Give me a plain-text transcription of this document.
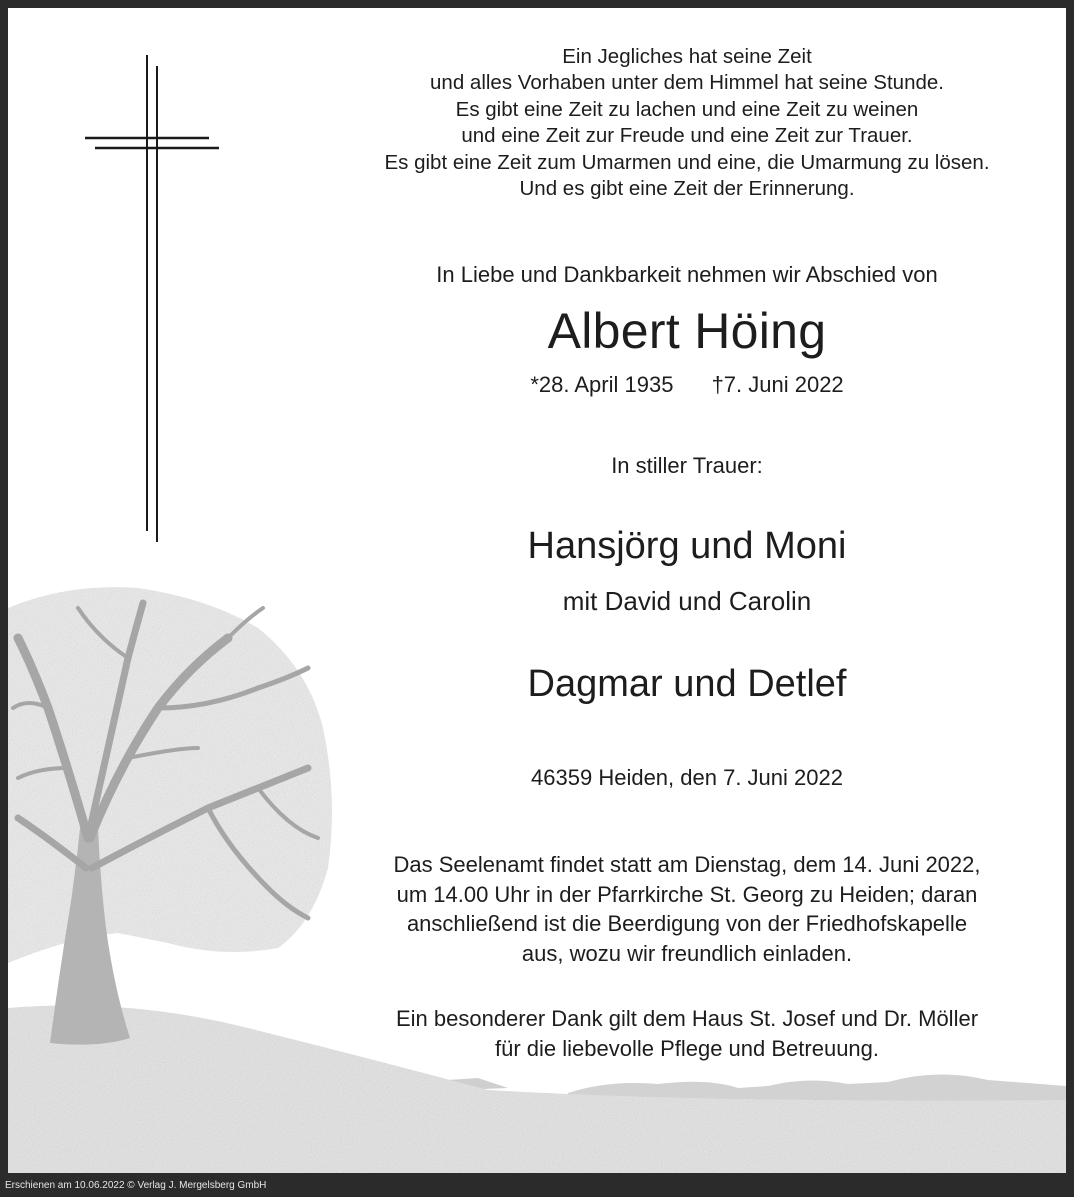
Ein Jegliches hat seine Zeit
und alles Vorhaben unter dem Himmel hat seine Stunde.
Es gibt eine Zeit zu lachen und eine Zeit zu weinen
und eine Zeit zur Freude und eine Zeit zur Trauer.
Es gibt eine Zeit zum Umarmen und eine, die Umarmung zu lösen.
Und es gibt eine Zeit der Erinnerung.
In Liebe und Dankbarkeit nehmen wir Abschied von
Albert Höing
*28. April 1935 †7. Juni 2022
In stiller Trauer:
Hansjörg und Moni
mit David und Carolin
Dagmar und Detlef
46359 Heiden, den 7. Juni 2022
Das Seelenamt findet statt am Dienstag, dem 14. Juni 2022,
um 14.00 Uhr in der Pfarrkirche St. Georg zu Heiden; daran
anschließend ist die Beerdigung von der Friedhofskapelle
aus, wozu wir freundlich einladen.
Ein besonderer Dank gilt dem Haus St. Josef und Dr. Möller
für die liebevolle Pflege und Betreuung.
Erschienen am 10.06.2022 © Verlag J. Mergelsberg GmbH
